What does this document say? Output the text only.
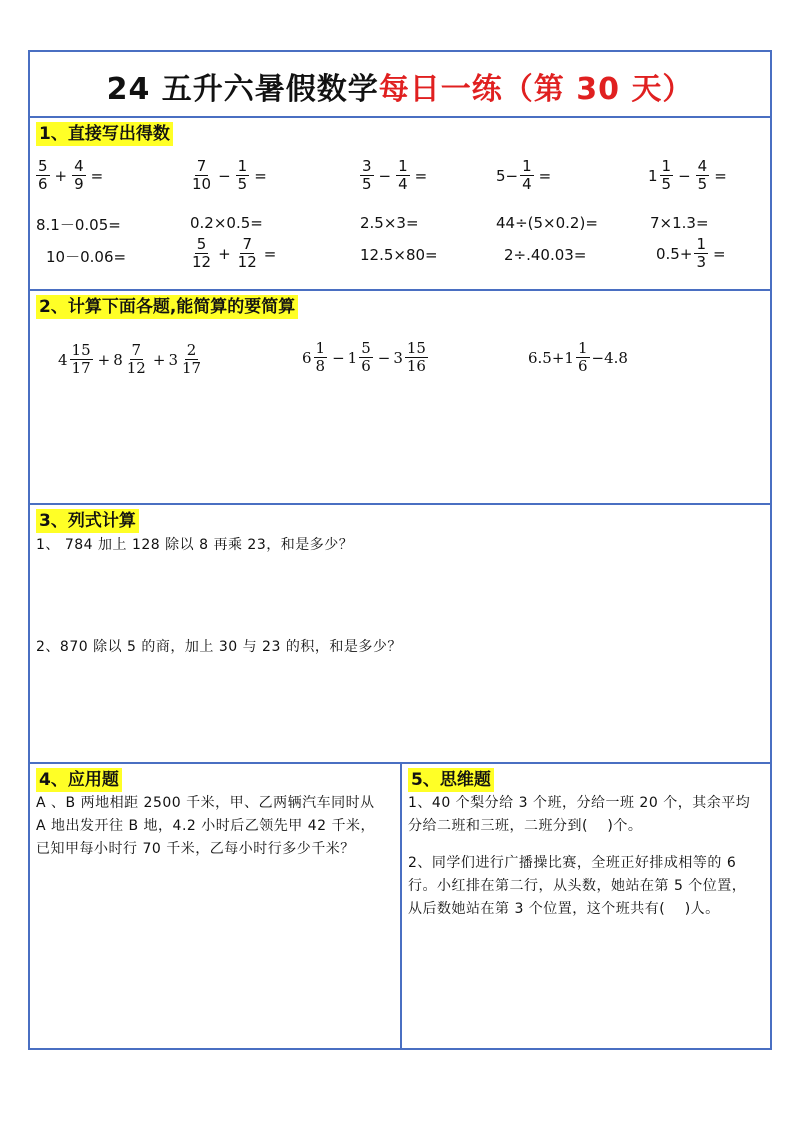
24 五升六暑假数学每日一练（第 30 天）
1、直接写出得数
$\frac{5}{6} + \frac{4}{9}$ =	$\frac{7}{10} - \frac{1}{5}$ =	$\frac{3}{5} - \frac{1}{4}$ =	$5- \frac{1}{4}$ =	$1 \frac{1}{5} - \frac{4}{5}$ =
8.1－0.05=	0.2×0.5=	2.5×3=	44÷(5×0.2)=	7×1.3=
10－0.06=	$\frac{5}{12} + \frac{7}{12}$ =	12.5×80=	2÷.40.03=	$0.5+ \frac{1}{3}$ =
2、计算下面各题,能简算的要简算
$4 \frac{15}{17} + 8 \frac{7}{12} + 3 \frac{2}{17}$	$6 \frac{1}{8} - 1 \frac{5}{6} - 3 \frac{15}{16}$	$6.5+1 \frac{1}{6} -4.8$
3、列式计算
1、 784 加上 128 除以 8 再乘 23，和是多少？
2、870 除以 5 的商，加上 30 与 23 的积，和是多少？
4、应用题
A 、B 两地相距 2500 千米，甲、乙两辆汽车同时从
A 地出发开往 B 地，4.2 小时后乙领先甲 42 千米，
已知甲每小时行 70 千米，乙每小时行多少千米？
5、思维题
1、40 个梨分给 3 个班，分给一班 20 个，其余平均
分给二班和三班，二班分到(　 )个。
2、同学们进行广播操比赛，全班正好排成相等的 6
行。小红排在第二行，从头数，她站在第 5 个位置，
从后数她站在第 3 个位置，这个班共有(　 )人。
